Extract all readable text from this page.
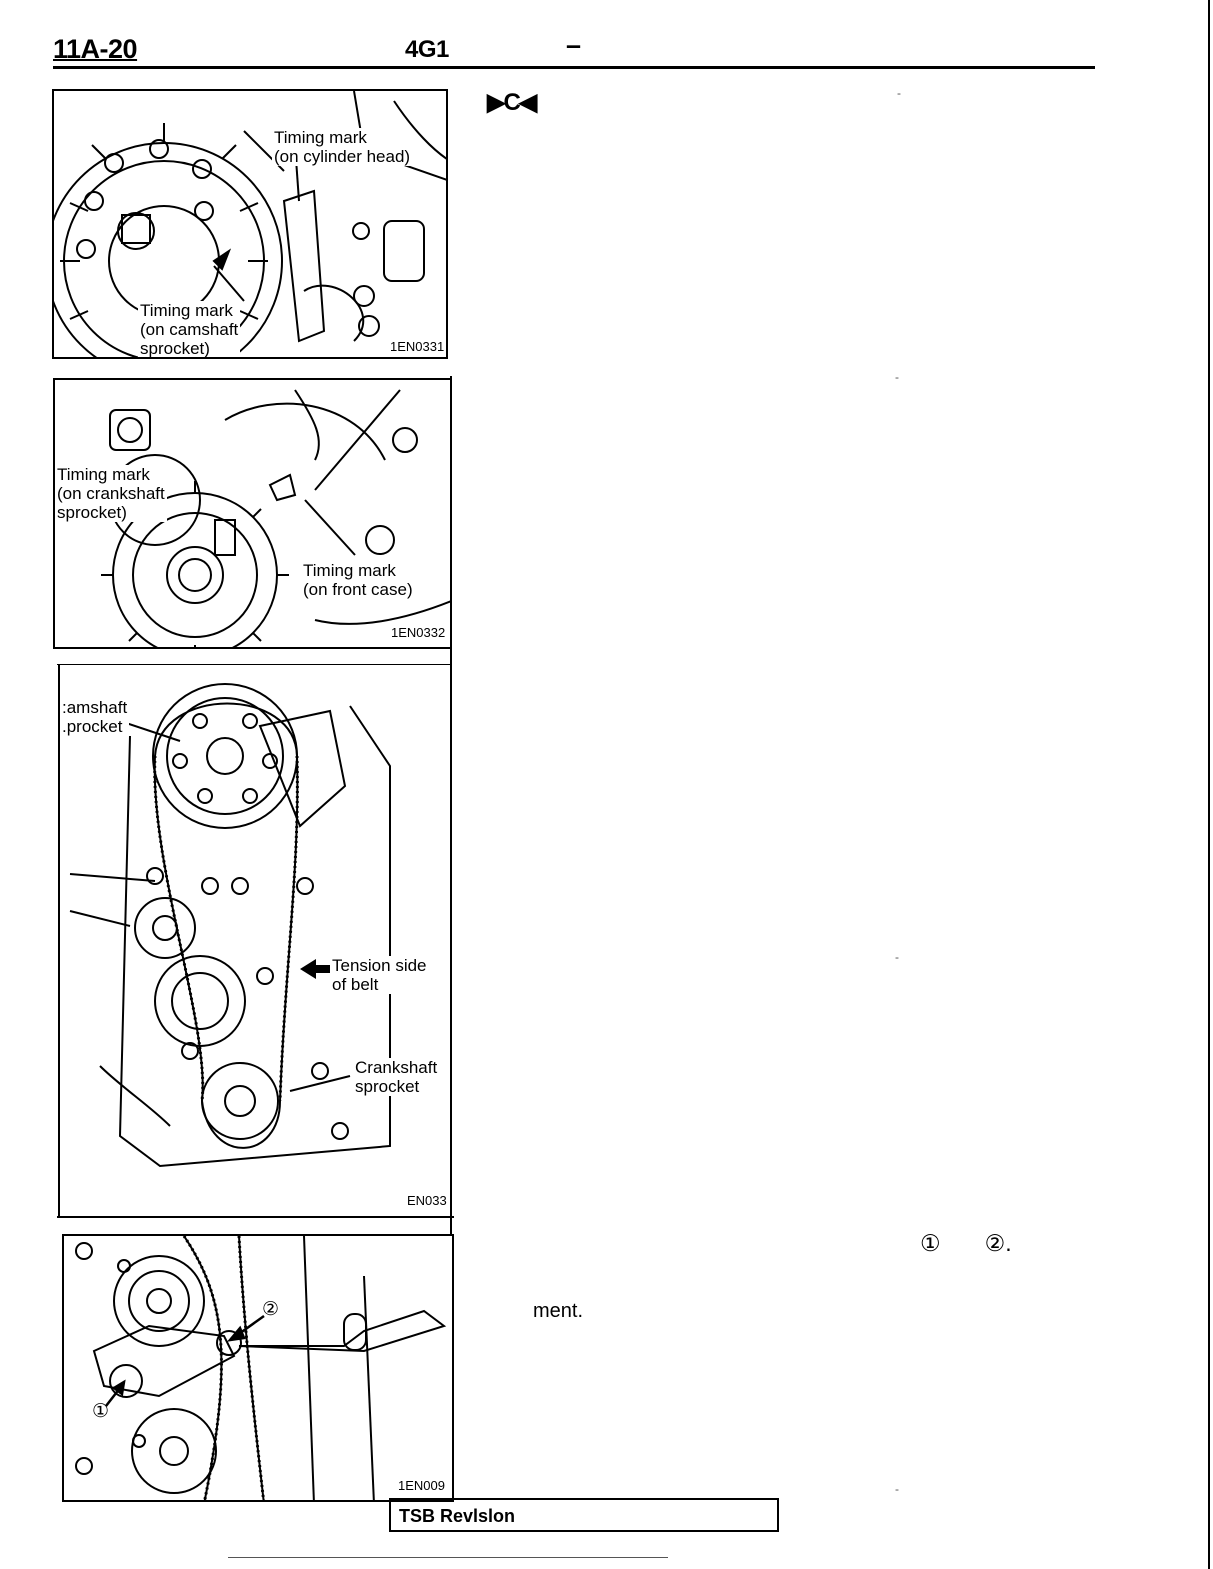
11A-20	4G1	–
▶C◀
Timing mark
(on cylinder head)
Timing mark
(on camshaft
sprocket)	1EN0331
Timing mark
(on crankshaft
sprocket)
Timing mark
(on front case)
1EN0332
:amshaft
.procket
Tension side
of belt
Crankshaft
sprocket
EN033
②
①
1EN009
ment.
① ②.
-
-
-
-
TSB Revlslon
